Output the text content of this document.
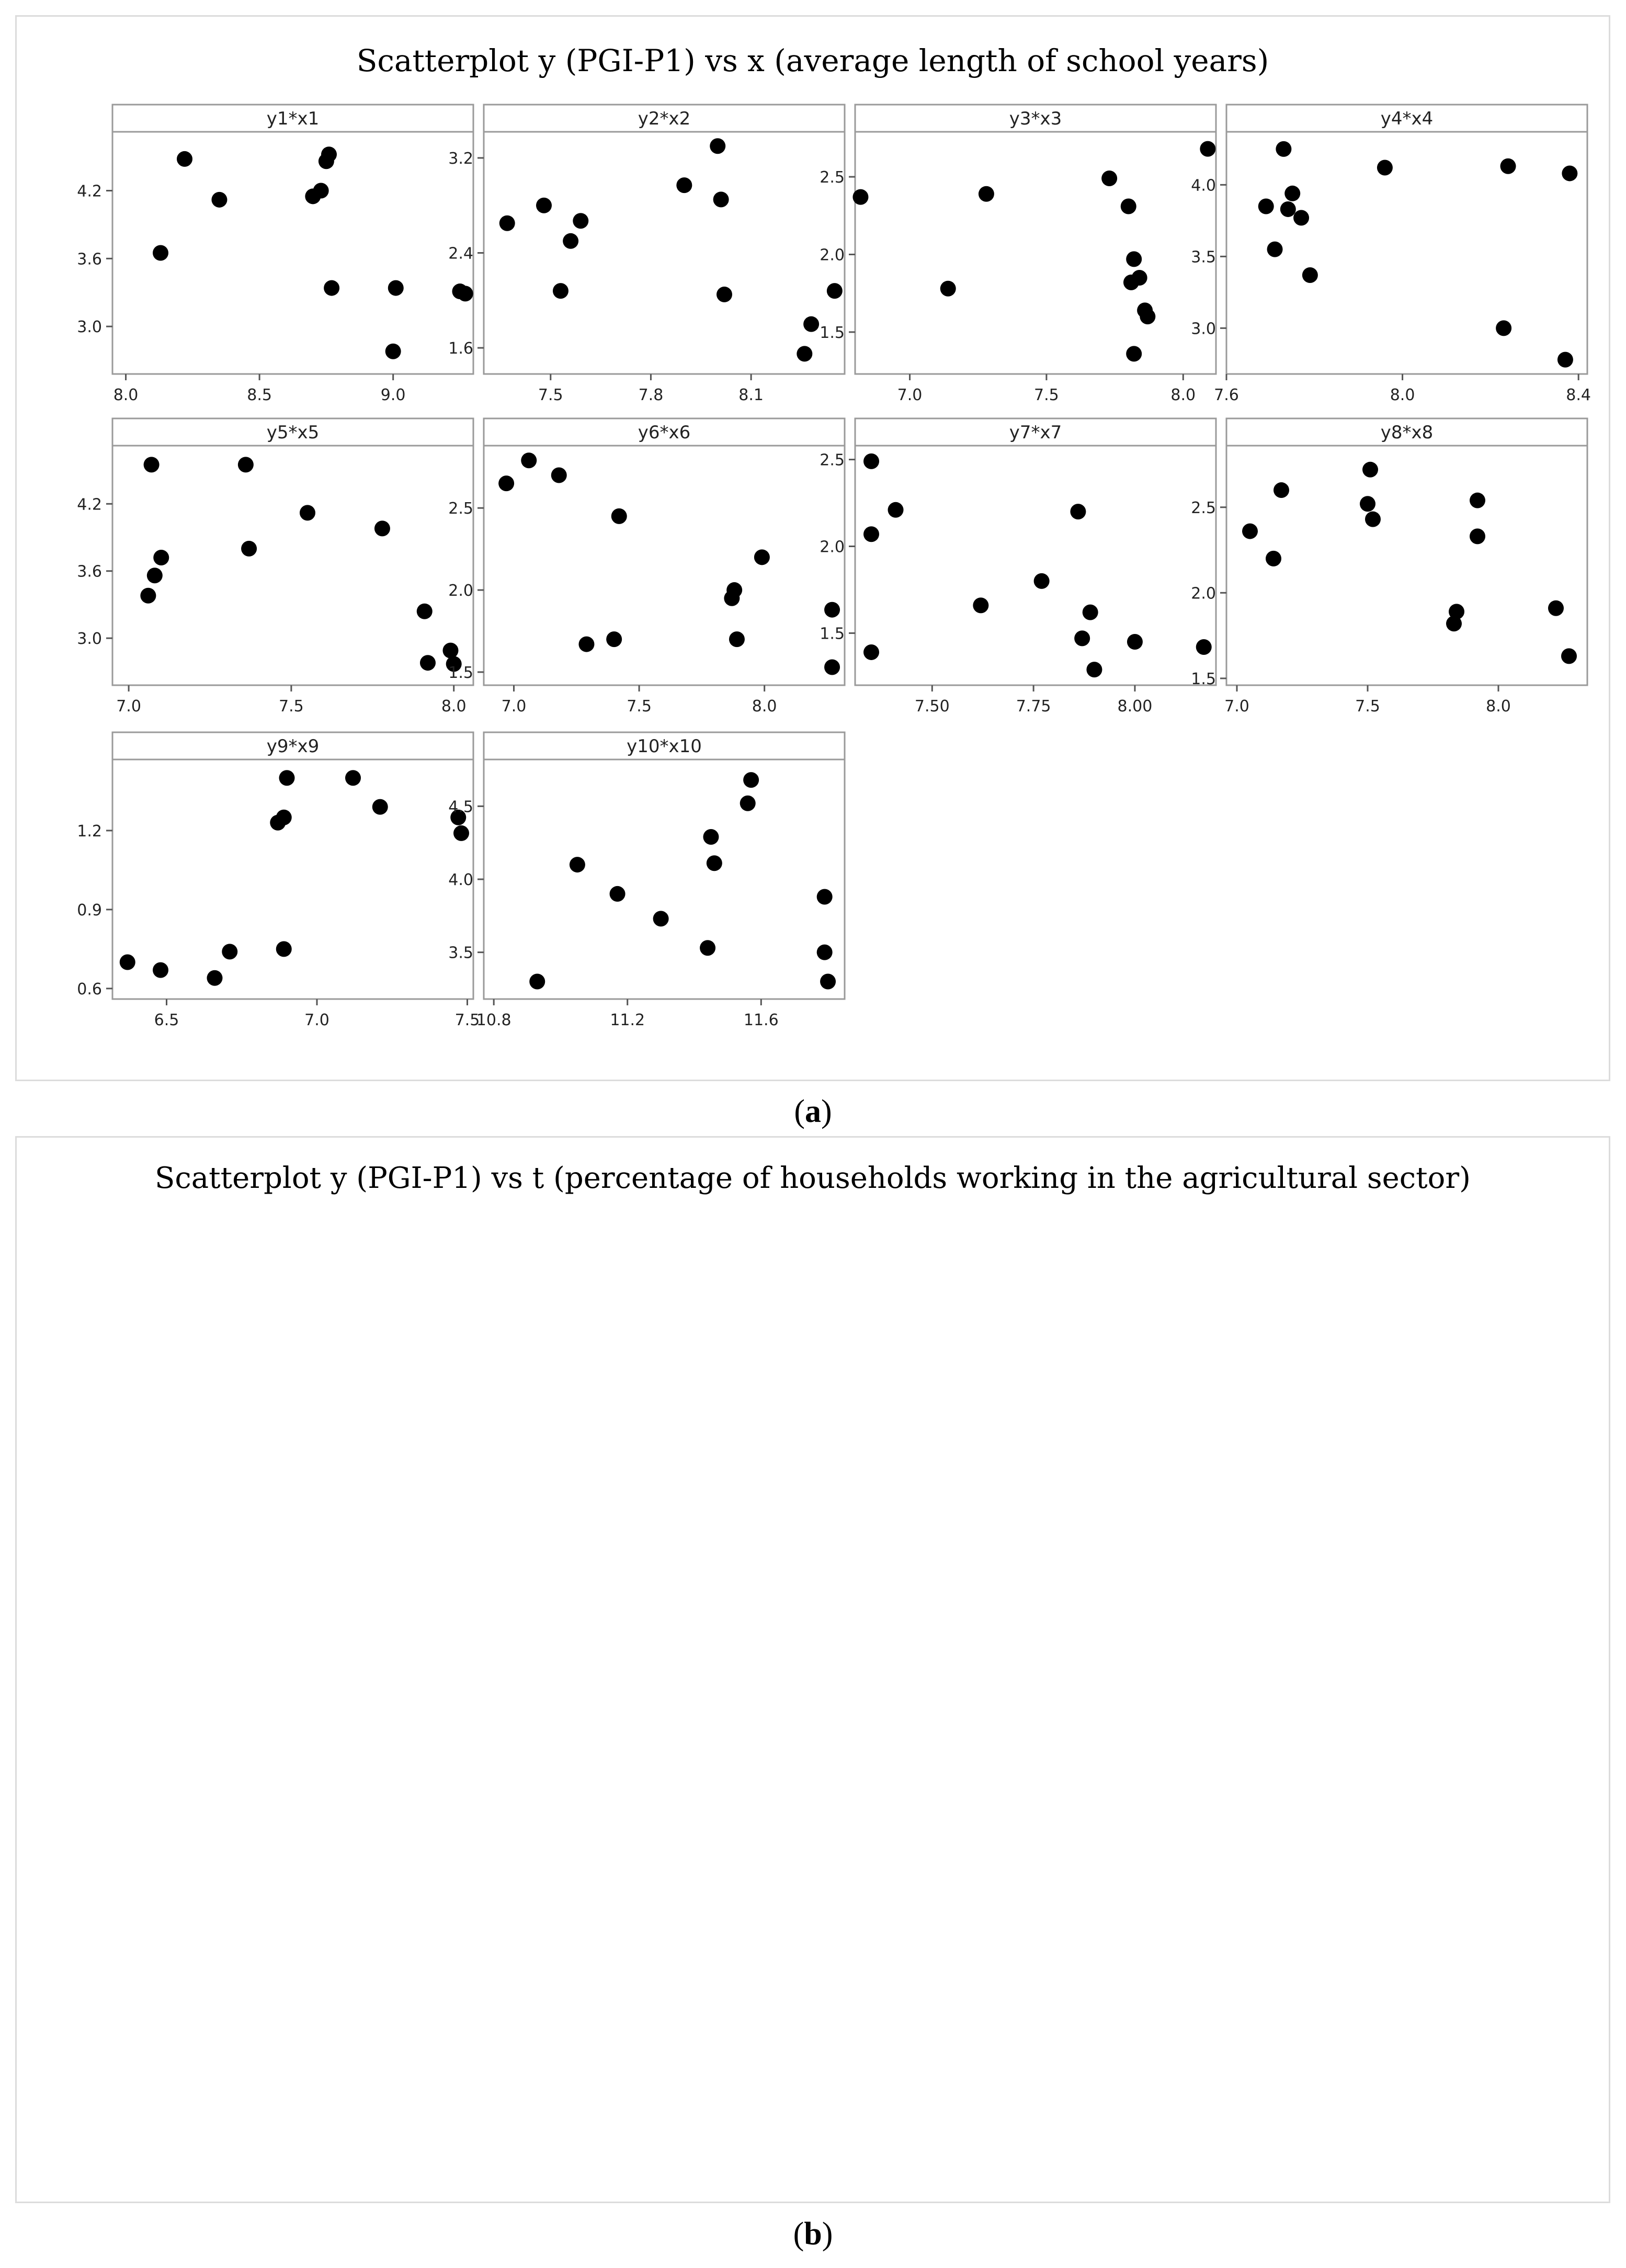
Scatterplot y (PGI-P1) vs x (average length of school years)
y1*x1
8.0	8.5	9.0
3.0
3.6
4.2
y2*x2
7.5	7.8	8.1
1.6
2.4
3.2
y3*x3
7.0	7.5	8.0
1.5
2.0
2.5
y4*x4
7.6	8.0	8.4
3.0
3.5
4.0
y5*x5
7.0	7.5	8.0
3.0
3.6
4.2
y6*x6
7.0	7.5	8.0
1.5
2.0
2.5
y7*x7
7.50	7.75	8.00
1.5
2.0
2.5
y8*x8
7.0	7.5	8.0
1.5
2.0
2.5
y9*x9
6.5	7.0	7.5
0.6
0.9
1.2
y10*x10
10.8	11.2	11.6
3.5
4.0
4.5
(a)
Scatterplot y (PGI-P1) vs t (percentage of households working in the agricultural sector)
(b)
